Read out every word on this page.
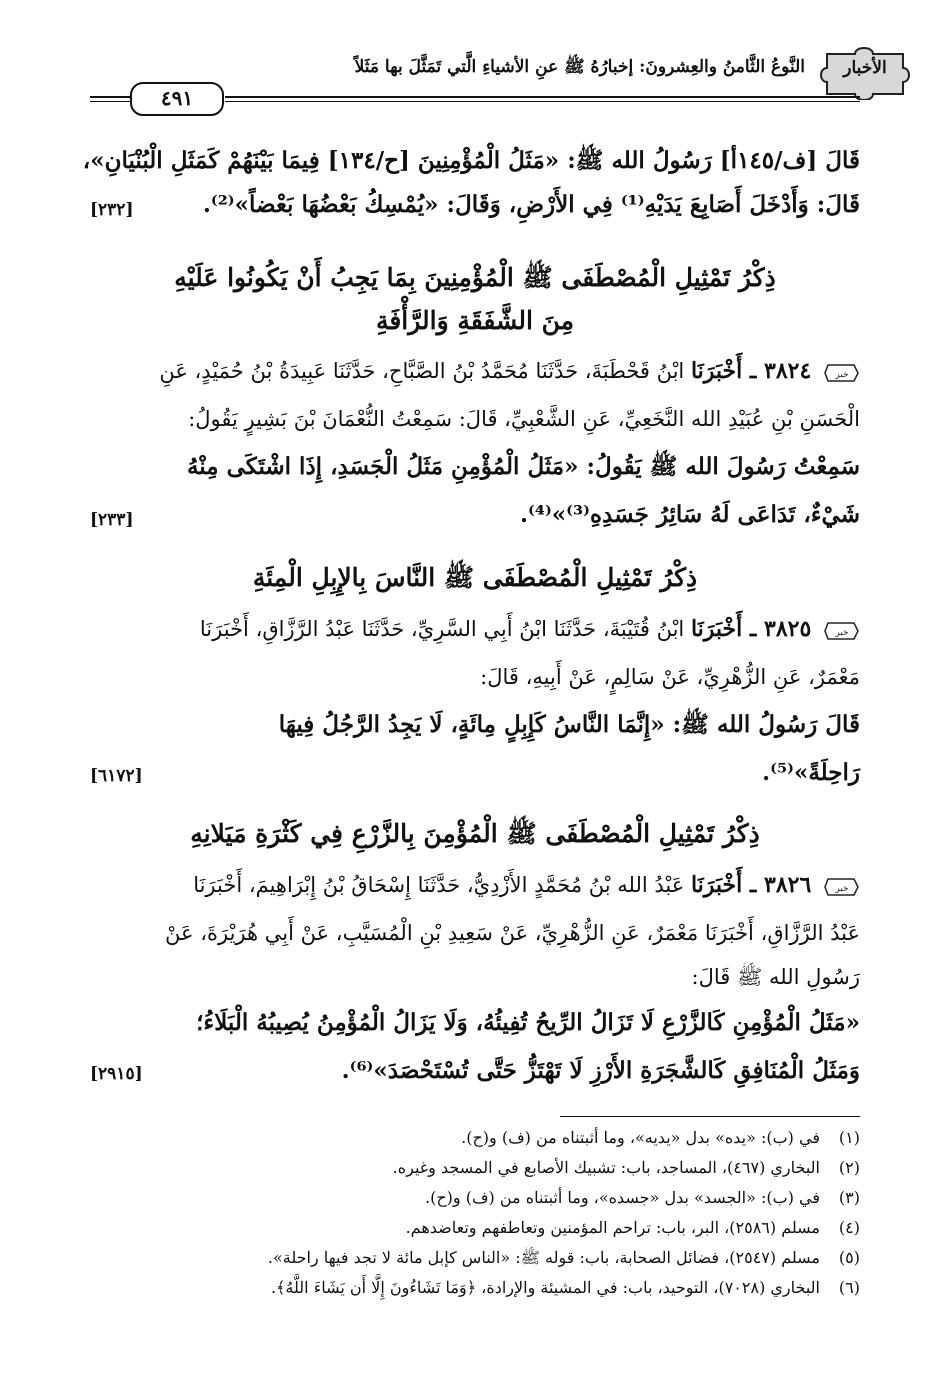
الأخبار
النَّوعُ الثَّامنُ والعِشرونَ: إخبارُهُ ﷺ عنِ الأشياءِ الَّتي تَمَثَّلَ بها مَثَلاً
٤٩١
قَالَ [ف/١٤٥أ] رَسُولُ الله ﷺ: «مَثَلُ الْمُؤْمِنِينَ [ح/١٣٤] فِيمَا بَيْنَهُمْ كَمَثَلِ الْبُنْيَانِ»،
قَالَ: وَأَدْخَلَ أَصَابِعَ يَدَيْهِ⁽¹⁾ فِي الأَرْضِ، وَقَالَ: «يُمْسِكُ بَعْضُهَا بَعْضاً»⁽²⁾.
[٢٣٢]
ذِكْرُ تَمْثِيلِ الْمُصْطَفَى ﷺ الْمُؤْمِنِينَ بِمَا يَجِبُ أَنْ يَكُونُوا عَلَيْهِ
مِنَ الشَّفَقَةِ وَالرَّأْفَةِ
خبر
٣٨٢٤ ـ أَخْبَرَنَا ابْنُ قَحْطَبَةَ، حَدَّثَنَا مُحَمَّدُ بْنُ الصَّبَّاحِ، حَدَّثَنَا عَبِيدَةُ بْنُ حُمَيْدٍ، عَنِ
الْحَسَنِ بْنِ عُبَيْدِ الله النَّخَعِيِّ، عَنِ الشَّعْبِيِّ، قَالَ: سَمِعْتُ النُّعْمَانَ بْنَ بَشِيرٍ يَقُولُ:
سَمِعْتُ رَسُولَ الله ﷺ يَقُولُ: «مَثَلُ الْمُؤْمِنِ مَثَلُ الْجَسَدِ، إِذَا اشْتَكَى مِنْهُ
شَيْءٌ، تَدَاعَى لَهُ سَائِرُ جَسَدِهِ⁽³⁾»⁽⁴⁾.
[٢٣٣]
ذِكْرُ تَمْثِيلِ الْمُصْطَفَى ﷺ النَّاسَ بِالإِبِلِ الْمِئَةِ
خبر
٣٨٢٥ ـ أَخْبَرَنَا ابْنُ قُتَيْبَةَ، حَدَّثَنَا ابْنُ أَبِي السَّرِيِّ، حَدَّثَنَا عَبْدُ الرَّزَّاقِ، أَخْبَرَنَا
مَعْمَرٌ، عَنِ الزُّهْرِيِّ، عَنْ سَالِمٍ، عَنْ أَبِيهِ، قَالَ:
قَالَ رَسُولُ الله ﷺ: «إِنَّمَا النَّاسُ كَإِبِلٍ مِائَةٍ، لَا يَجِدُ الرَّجُلُ فِيهَا
رَاحِلَةً»⁽⁵⁾.
[٦١٧٢]
ذِكْرُ تَمْثِيلِ الْمُصْطَفَى ﷺ الْمُؤْمِنَ بِالزَّرْعِ فِي كَثْرَةِ مَيَلانِهِ
خبر
٣٨٢٦ ـ أَخْبَرَنَا عَبْدُ الله بْنُ مُحَمَّدٍ الأَزْدِيُّ، حَدَّثَنَا إِسْحَاقُ بْنُ إِبْرَاهِيمَ، أَخْبَرَنَا
عَبْدُ الرَّزَّاقِ، أَخْبَرَنَا مَعْمَرٌ، عَنِ الزُّهْرِيِّ، عَنْ سَعِيدِ بْنِ الْمُسَيَّبِ، عَنْ أَبِي هُرَيْرَةَ، عَنْ
رَسُولِ الله ﷺ قَالَ:
«مَثَلُ الْمُؤْمِنِ كَالزَّرْعِ لَا تَزَالُ الرِّيحُ تُفِيئُهُ، وَلَا يَزَالُ الْمُؤْمِنُ يُصِيبُهُ الْبَلَاءُ؛
وَمَثَلُ الْمُنَافِقِ كَالشَّجَرَةِ الأَرْزِ لَا تَهْتَزُّ حَتَّى تُسْتَحْصَدَ»⁽⁶⁾.
[٢٩١٥]
(١)في (ب): «يده» بدل «يديه»، وما أثبتناه من (ف) و(ح).
(٢)البخاري (٤٦٧)، المساجد، باب: تشبيك الأصابع في المسجد وغيره.
(٣)في (ب): «الجسد» بدل «جسده»، وما أثبتناه من (ف) و(ح).
(٤)مسلم (٢٥٨٦)، البر، باب: تراحم المؤمنين وتعاطفهم وتعاضدهم.
(٥)مسلم (٢٥٤٧)، فضائل الصحابة، باب: قوله ﷺ: «الناس كإبل مائة لا تجد فيها راحلة».
(٦)البخاري (٧٠٢٨)، التوحيد، باب: في المشيئة والإرادة، ﴿وَمَا تَشَاءُونَ إِلَّا أَن يَشَاءَ اللَّهُ﴾.
